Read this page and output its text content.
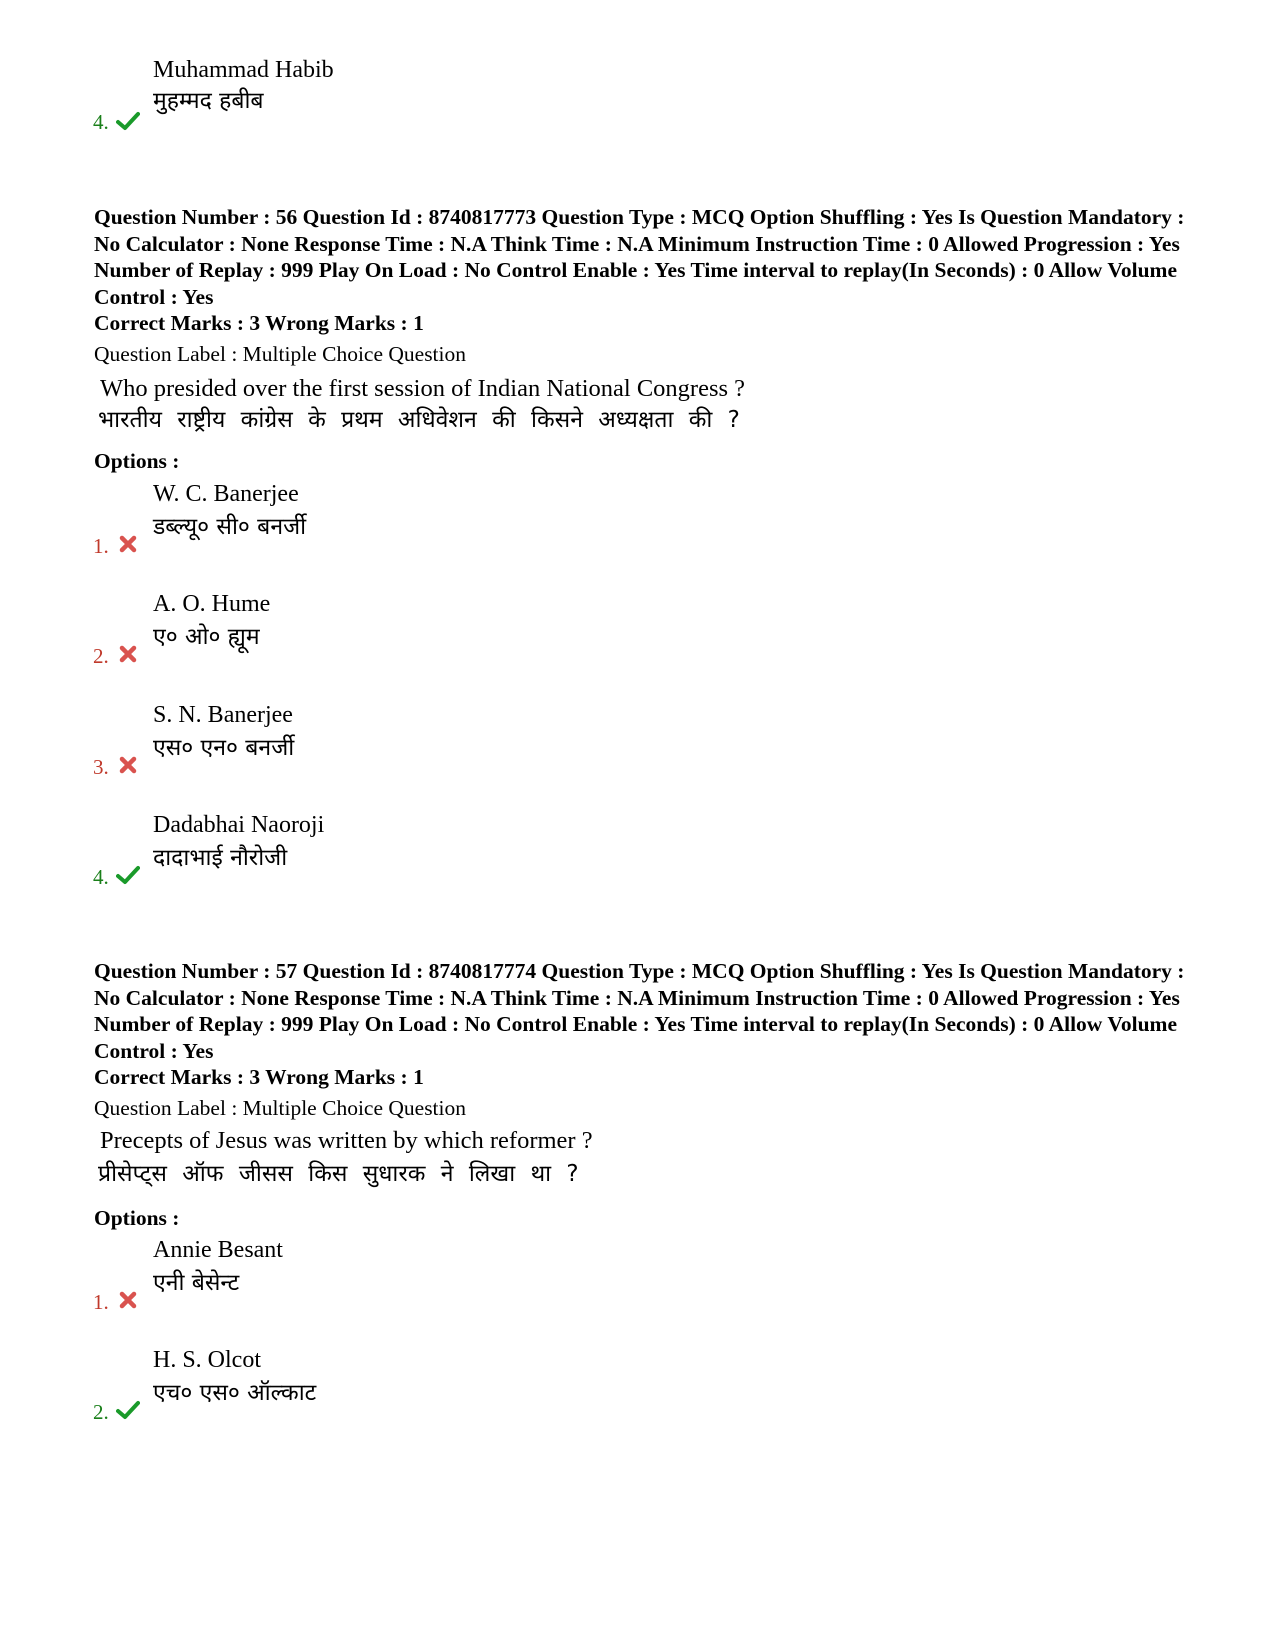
Muhammad Habib
मुहम्मद हबीब
4.
Question Number : 56 Question Id : 8740817773 Question Type : MCQ Option Shuffling : Yes Is Question Mandatory : No Calculator : None Response Time : N.A Think Time : N.A Minimum Instruction Time : 0 Allowed Progression : Yes Number of Replay : 999 Play On Load : No Control Enable : Yes Time interval to replay(In Seconds) : 0 Allow Volume Control : Yes
Correct Marks : 3 Wrong Marks : 1
Question Label : Multiple Choice Question
Who presided over the first session of Indian National Congress ?
भारतीय राष्ट्रीय कांग्रेस के प्रथम अधिवेशन की किसने अध्यक्षता की ?
Options :
W. C. Banerjee
डब्ल्यू० सी० बनर्जी
1.
A. O. Hume
ए० ओ० ह्यूम
2.
S. N. Banerjee
एस० एन० बनर्जी
3.
Dadabhai Naoroji
दादाभाई नौरोजी
4.
Question Number : 57 Question Id : 8740817774 Question Type : MCQ Option Shuffling : Yes Is Question Mandatory : No Calculator : None Response Time : N.A Think Time : N.A Minimum Instruction Time : 0 Allowed Progression : Yes Number of Replay : 999 Play On Load : No Control Enable : Yes Time interval to replay(In Seconds) : 0 Allow Volume Control : Yes
Correct Marks : 3 Wrong Marks : 1
Question Label : Multiple Choice Question
Precepts of Jesus was written by which reformer ?
प्रीसेप्ट्स ऑफ जीसस किस सुधारक ने लिखा था ?
Options :
Annie Besant
एनी बेसेन्ट
1.
H. S. Olcot
एच० एस० ऑल्काट
2.
